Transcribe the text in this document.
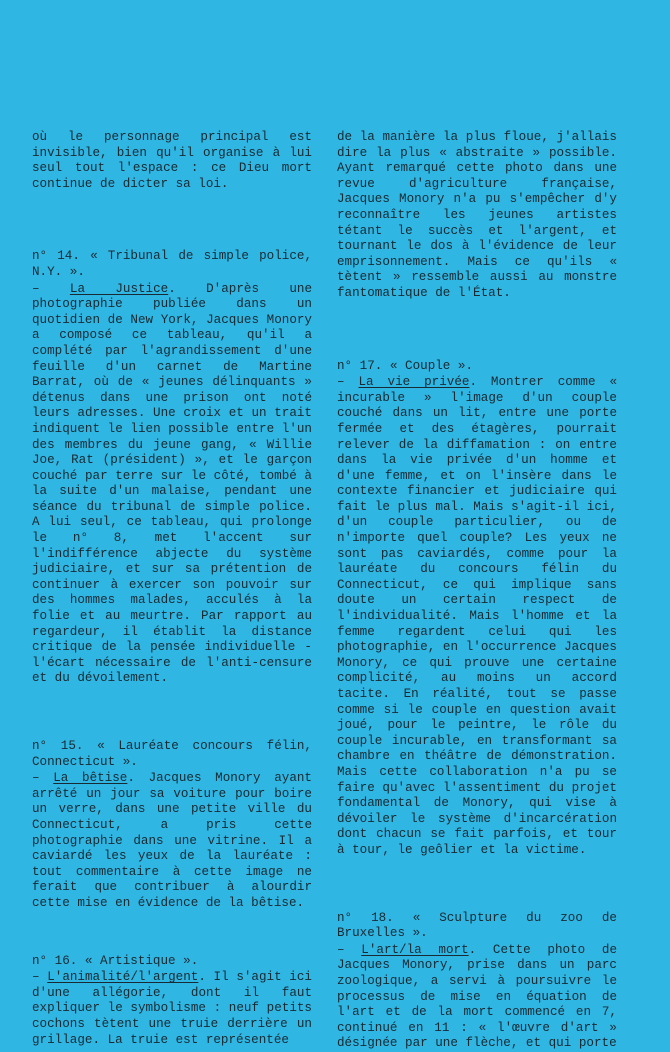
où le personnage principal est invisible, bien qu'il organise à lui seul tout l'espace : ce Dieu mort continue de dicter sa loi.

n° 14. « Tribunal de simple police, N.Y. ».

– La Justice. D'après une photographie publiée dans un quotidien de New York, Jacques Monory a composé ce tableau, qu'il a complété par l'agrandissement d'une feuille d'un carnet de Martine Barrat, où de « jeunes délinquants » détenus dans une prison ont noté leurs adresses. Une croix et un trait indiquent le lien possible entre l'un des membres du jeune gang, « Willie Joe, Rat (président) », et le garçon couché par terre sur le côté, tombé à la suite d'un malaise, pendant une séance du tribunal de simple police. A lui seul, ce tableau, qui prolonge le n° 8, met l'accent sur l'indifférence abjecte du système judiciaire, et sur sa prétention de continuer à exercer son pouvoir sur des hommes malades, acculés à la folie et au meurtre. Par rapport au regardeur, il établit la distance critique de la pensée individuelle - l'écart nécessaire de l'anti-censure et du dévoilement.

n° 15. « Lauréate concours félin, Connecticut ».

– La bêtise. Jacques Monory ayant arrêté un jour sa voiture pour boire un verre, dans une petite ville du Connecticut, a pris cette photographie dans une vitrine. Il a caviardé les yeux de la lauréate : tout commentaire à cette image ne ferait que contribuer à alourdir cette mise en évidence de la bêtise.

n° 16. « Artistique ».

– L'animalité/l'argent. Il s'agit ici d'une allégorie, dont il faut expliquer le symbolisme : neuf petits cochons tètent une truie derrière un grillage. La truie est représentée

de la manière la plus floue, j'allais dire la plus « abstraite » possible. Ayant remarqué cette photo dans une revue d'agriculture française, Jacques Monory n'a pu s'empêcher d'y reconnaître les jeunes artistes tétant le succès et l'argent, et tournant le dos à l'évidence de leur emprisonnement. Mais ce qu'ils « tètent » ressemble aussi au monstre fantomatique de l'État.

n° 17. « Couple ».

– La vie privée. Montrer comme « incurable » l'image d'un couple couché dans un lit, entre une porte fermée et des étagères, pourrait relever de la diffamation : on entre dans la vie privée d'un homme et d'une femme, et on l'insère dans le contexte financier et judiciaire qui fait le plus mal. Mais s'agit-il ici, d'un couple particulier, ou de n'importe quel couple? Les yeux ne sont pas caviardés, comme pour la lauréate du concours félin du Connecticut, ce qui implique sans doute un certain respect de l'individualité. Mais l'homme et la femme regardent celui qui les photographie, en l'occurrence Jacques Monory, ce qui prouve une certaine complicité, au moins un accord tacite. En réalité, tout se passe comme si le couple en question avait joué, pour le peintre, le rôle du couple incurable, en transformant sa chambre en théâtre de démonstration. Mais cette collaboration n'a pu se faire qu'avec l'assentiment du projet fondamental de Monory, qui vise à dévoiler le système d'incarcération dont chacun se fait parfois, et tour à tour, le geôlier et la victime.

n° 18. « Sculpture du zoo de Bruxelles ».

– L'art/la mort. Cette photo de Jacques Monory, prise dans un parc zoologique, a servi à poursuivre le processus de mise en équation de l'art et de la mort commencé en 7, continué en 11 : « l'œuvre d'art » désignée par une flèche, et qui porte
